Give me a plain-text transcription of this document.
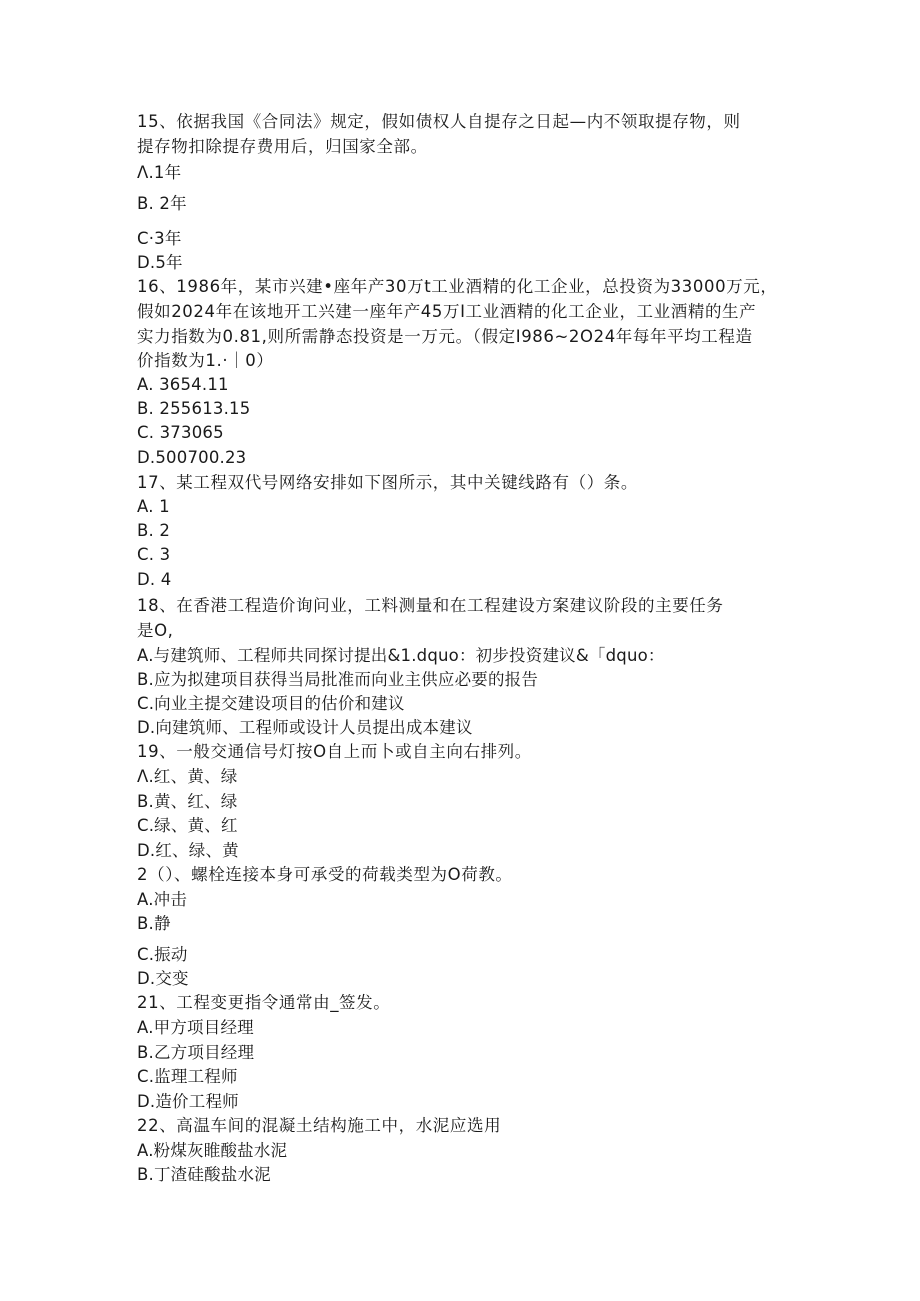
15、依据我国《合同法》规定，假如债权人自提存之日起—内不领取提存物，则
提存物扣除提存费用后，归国家全部。
Λ.1年
B. 2年
C·3年
D.5年
16、1986年，某市兴建•座年产30万t工业酒精的化工企业，总投资为33000万元，
假如2024年在该地开工兴建一座年产45万I工业酒精的化工企业，工业酒精的生产
实力指数为0.81,则所需静态投资是一万元。（假定I986~2O24年每年平均工程造
价指数为1.·｜0）
A. 3654.11
B. 255613.15
C. 373065
D.500700.23
17、某工程双代号网络安排如下图所示，其中关键线路有（）条。
A. 1
B. 2
C. 3
D. 4
18、在香港工程造价询问业，工料测量和在工程建设方案建议阶段的主要任务
是O,
A.与建筑师、工程师共同探讨提出&1.dquo：初步投资建议&「dquo：
B.应为拟建项目获得当局批准而向业主供应必要的报告
C.向业主提交建设项目的估价和建议
D.向建筑师、工程师或设计人员提出成本建议
19、一般交通信号灯按O自上而卜或自主向右排列。
Λ.红、黄、绿
B.黄、红、绿
C.绿、黄、红
D.红、绿、黄
2（）、螺栓连接本身可承受的荷载类型为O荷教。
A.冲击
B.静
C.振动
D.交变
21、工程变更指令通常由_签发。
A.甲方项目经理
B.乙方项目经理
C.监理工程师
D.造价工程师
22、高温车间的混凝土结构施工中，水泥应选用
A.粉煤灰睢酸盐水泥
B.丁渣硅酸盐水泥
